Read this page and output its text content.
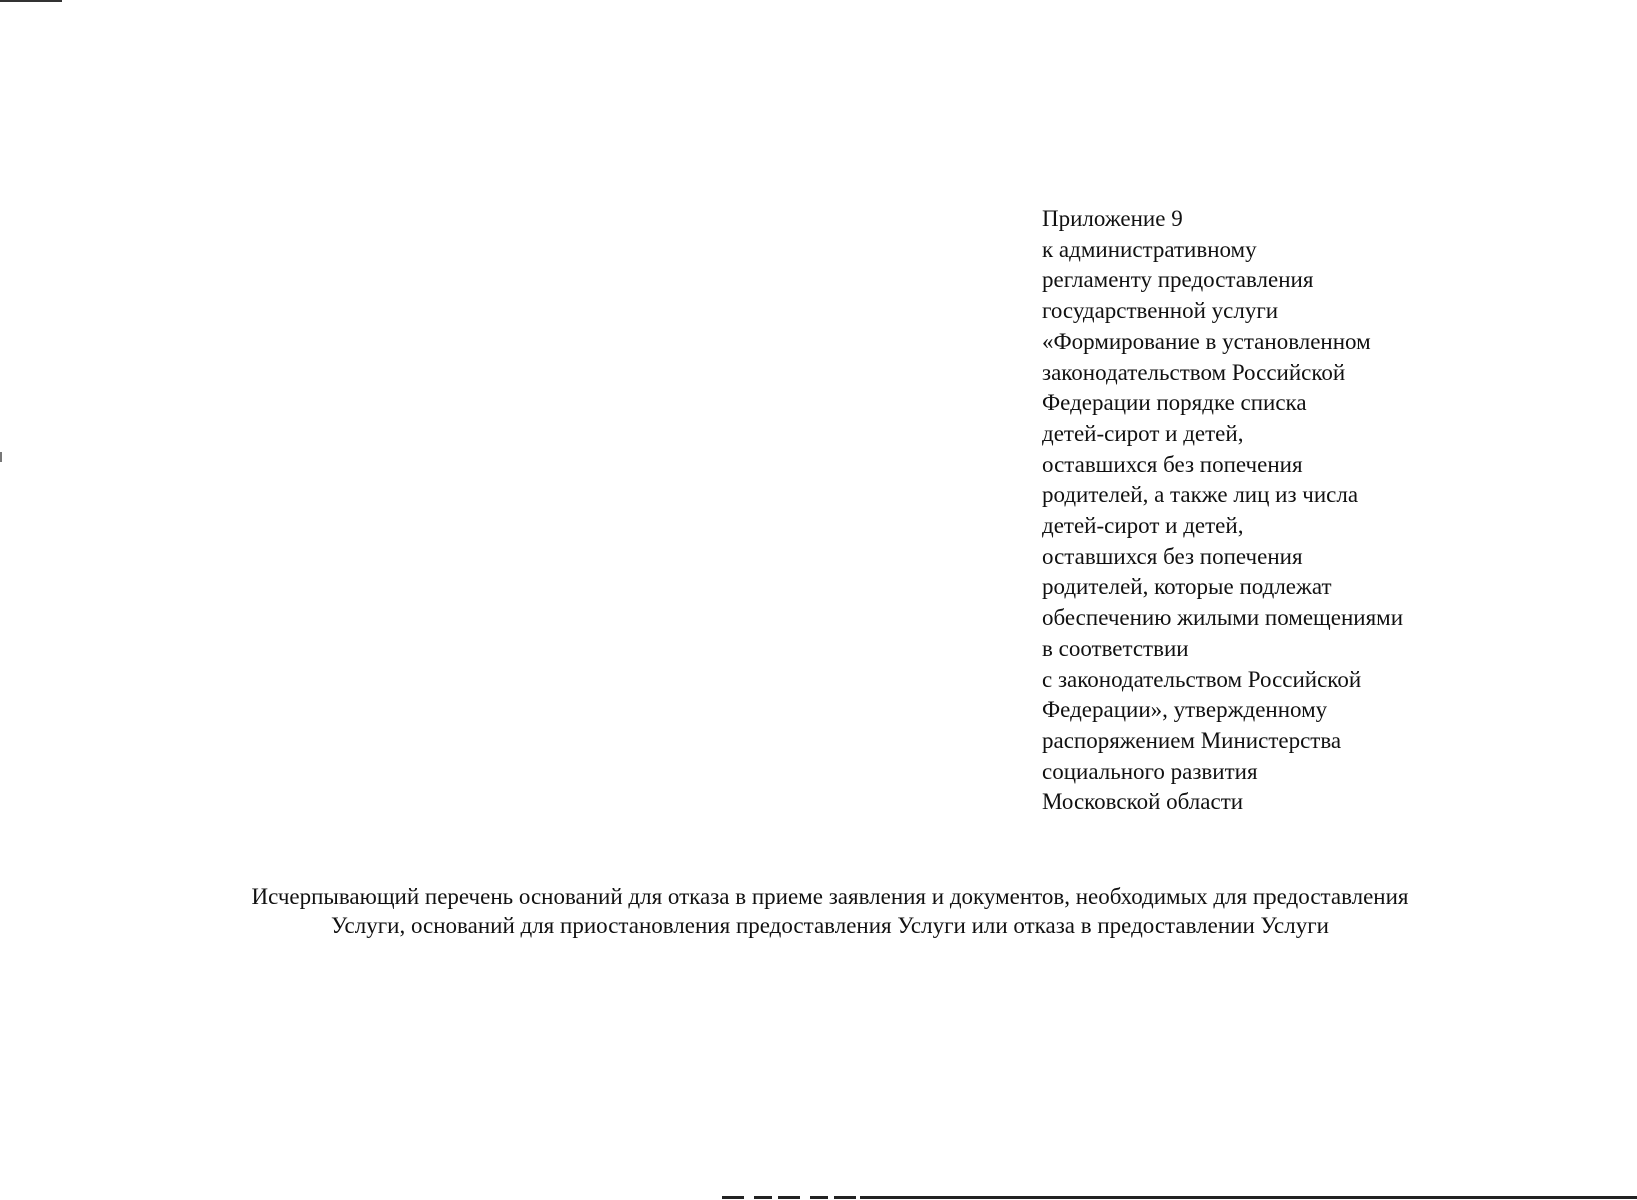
Приложение 9
к административному
регламенту предоставления
государственной услуги
«Формирование в установленном
законодательством Российской
Федерации порядке списка
детей-сирот и детей,
оставшихся без попечения
родителей, а также лиц из числа
детей-сирот и детей,
оставшихся без попечения
родителей, которые подлежат
обеспечению жилыми помещениями
в соответствии
с законодательством Российской
Федерации», утвержденному
распоряжением Министерства
социального развития
Московской области
Исчерпывающий перечень оснований для отказа в приеме заявления и документов, необходимых для предоставления
Услуги, оснований для приостановления предоставления Услуги или отказа в предоставлении Услуги
